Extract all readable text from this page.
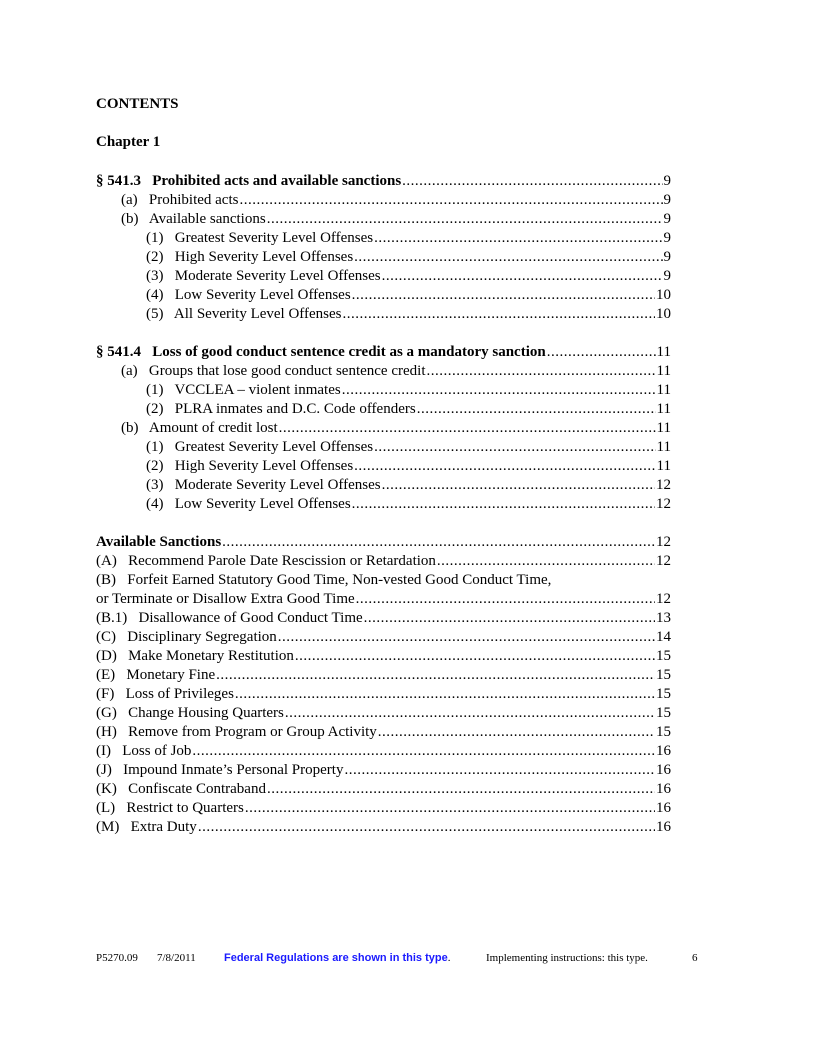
CONTENTS
Chapter 1
§ 541.3   Prohibited acts and available sanctions .....	9
(a)   Prohibited acts .....	9
(b)   Available sanctions .....	9
(1)   Greatest Severity Level Offenses .....	9
(2)   High Severity Level Offenses .....	9
(3)   Moderate Severity Level Offenses .....	9
(4)   Low Severity Level Offenses .....	10
(5)   All Severity Level Offenses .....	10
§ 541.4   Loss of good conduct sentence credit as a mandatory sanction .....	11
(a)   Groups that lose good conduct sentence credit .....	11
(1)   VCCLEA – violent inmates .....	11
(2)   PLRA inmates and D.C. Code offenders .....	11
(b)   Amount of credit lost .....	11
(1)   Greatest Severity Level Offenses .....	11
(2)   High Severity Level Offenses .....	11
(3)   Moderate Severity Level Offenses .....	12
(4)   Low Severity Level Offenses .....	12
Available Sanctions .....	12
(A)   Recommend Parole Date Rescission or Retardation .....	12
(B)   Forfeit Earned Statutory Good Time, Non-vested Good Conduct Time,
or Terminate or Disallow Extra Good Time .....	12
(B.1)   Disallowance of Good Conduct Time .....	13
(C)   Disciplinary Segregation .....	14
(D)   Make Monetary Restitution .....	15
(E)   Monetary Fine .....	15
(F)   Loss of Privileges .....	15
(G)   Change Housing Quarters .....	15
(H)   Remove from Program or Group Activity .....	15
(I)   Loss of Job .....	16
(J)   Impound Inmate’s Personal Property .....	16
(K)   Confiscate Contraband .....	16
(L)   Restrict to Quarters .....	16
(M)   Extra Duty .....	16
P5270.09 7/8/2011	Federal Regulations are shown in this type.	Implementing instructions: this type.	6
